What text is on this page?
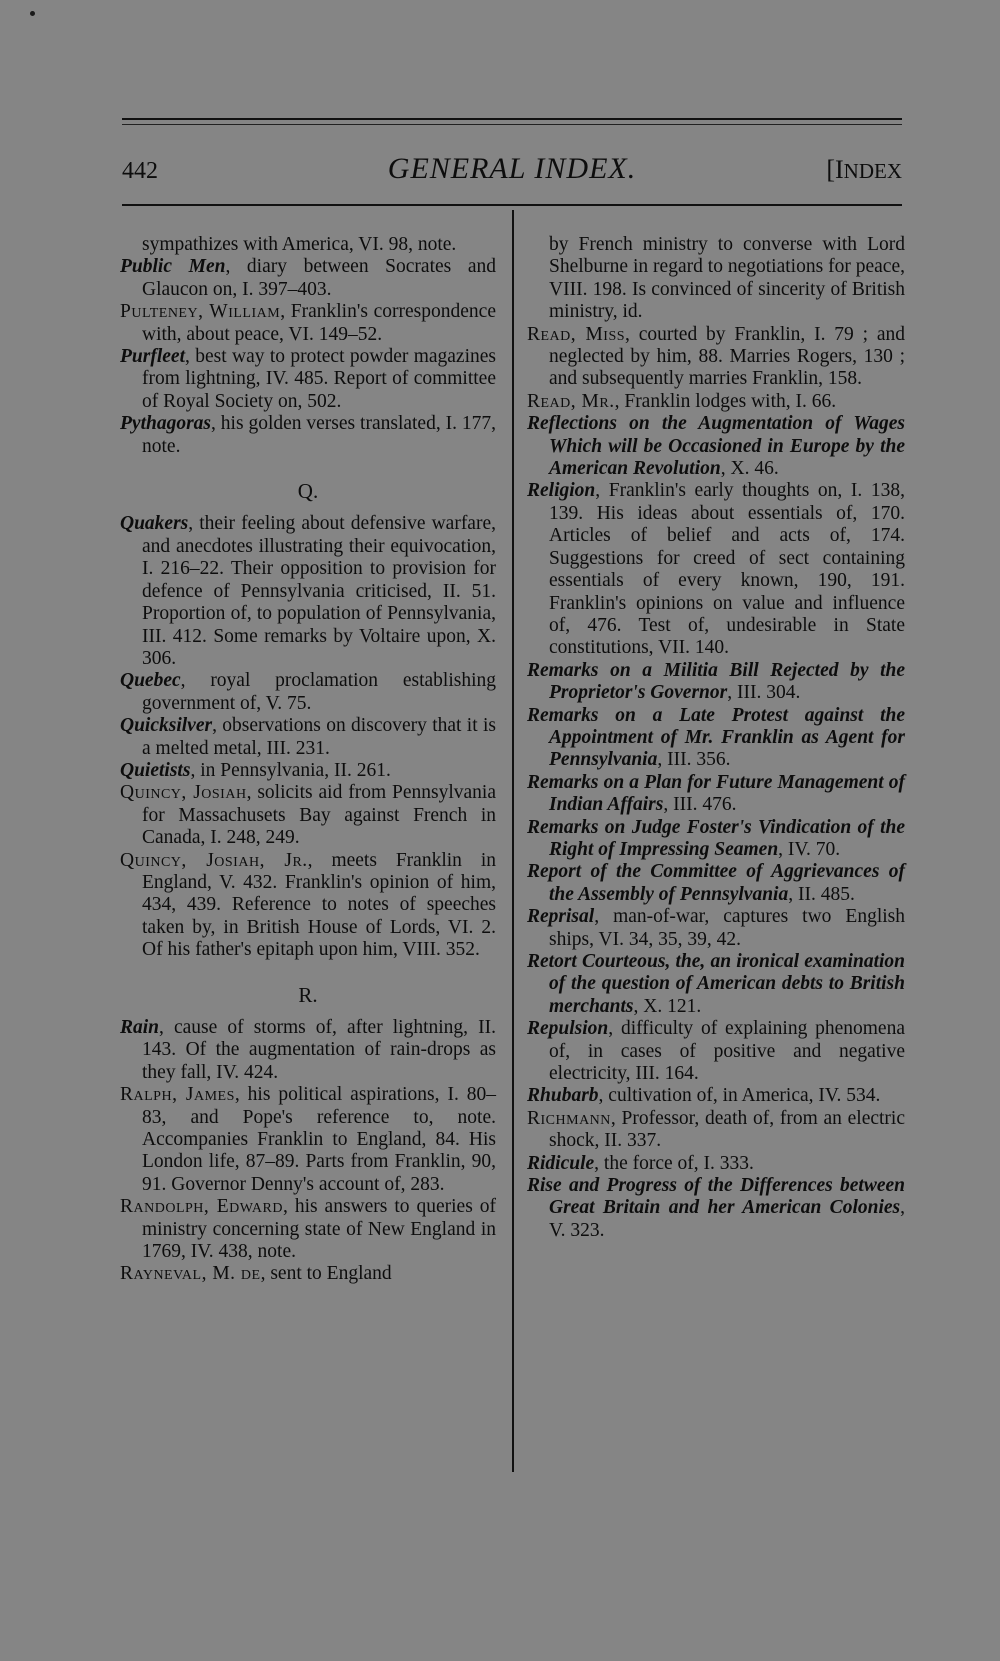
442	GENERAL INDEX.	[INDEX

sympathizes with America, VI. 98, note.

Public Men, diary between Socrates and Glaucon on, I. 397–403.

Pulteney, William, Franklin's correspondence with, about peace, VI. 149–52.

Purfleet, best way to protect powder magazines from lightning, IV. 485. Report of committee of Royal Society on, 502.

Pythagoras, his golden verses translated, I. 177, note.

Q.

Quakers, their feeling about defensive warfare, and anecdotes illustrating their equivocation, I. 216–22. Their opposition to provision for defence of Pennsylvania criticised, II. 51. Proportion of, to population of Pennsylvania, III. 412. Some remarks by Voltaire upon, X. 306.

Quebec, royal proclamation establishing government of, V. 75.

Quicksilver, observations on discovery that it is a melted metal, III. 231.

Quietists, in Pennsylvania, II. 261.

Quincy, Josiah, solicits aid from Pennsylvania for Massachusets Bay against French in Canada, I. 248, 249.

Quincy, Josiah, Jr., meets Franklin in England, V. 432. Franklin's opinion of him, 434, 439. Reference to notes of speeches taken by, in British House of Lords, VI. 2. Of his father's epitaph upon him, VIII. 352.

R.

Rain, cause of storms of, after lightning, II. 143. Of the augmentation of rain-drops as they fall, IV. 424.

Ralph, James, his political aspirations, I. 80–83, and Pope's reference to, note. Accompanies Franklin to England, 84. His London life, 87–89. Parts from Franklin, 90, 91. Governor Denny's account of, 283.

Randolph, Edward, his answers to queries of ministry concerning state of New England in 1769, IV. 438, note.

Rayneval, M. de, sent to England

by French ministry to converse with Lord Shelburne in regard to negotiations for peace, VIII. 198. Is convinced of sincerity of British ministry, id.

Read, Miss, courted by Franklin, I. 79 ; and neglected by him, 88. Marries Rogers, 130 ; and subsequently marries Franklin, 158.

Read, Mr., Franklin lodges with, I. 66.

Reflections on the Augmentation of Wages Which will be Occasioned in Europe by the American Revolution, X. 46.

Religion, Franklin's early thoughts on, I. 138, 139. His ideas about essentials of, 170. Articles of belief and acts of, 174. Suggestions for creed of sect containing essentials of every known, 190, 191. Franklin's opinions on value and influence of, 476. Test of, undesirable in State constitutions, VII. 140.

Remarks on a Militia Bill Rejected by the Proprietor's Governor, III. 304.

Remarks on a Late Protest against the Appointment of Mr. Franklin as Agent for Pennsylvania, III. 356.

Remarks on a Plan for Future Management of Indian Affairs, III. 476.

Remarks on Judge Foster's Vindication of the Right of Impressing Seamen, IV. 70.

Report of the Committee of Aggrievances of the Assembly of Pennsylvania, II. 485.

Reprisal, man-of-war, captures two English ships, VI. 34, 35, 39, 42.

Retort Courteous, the, an ironical examination of the question of American debts to British merchants, X. 121.

Repulsion, difficulty of explaining phenomena of, in cases of positive and negative electricity, III. 164.

Rhubarb, cultivation of, in America, IV. 534.

Richmann, Professor, death of, from an electric shock, II. 337.

Ridicule, the force of, I. 333.

Rise and Progress of the Differences between Great Britain and her American Colonies, V. 323.
